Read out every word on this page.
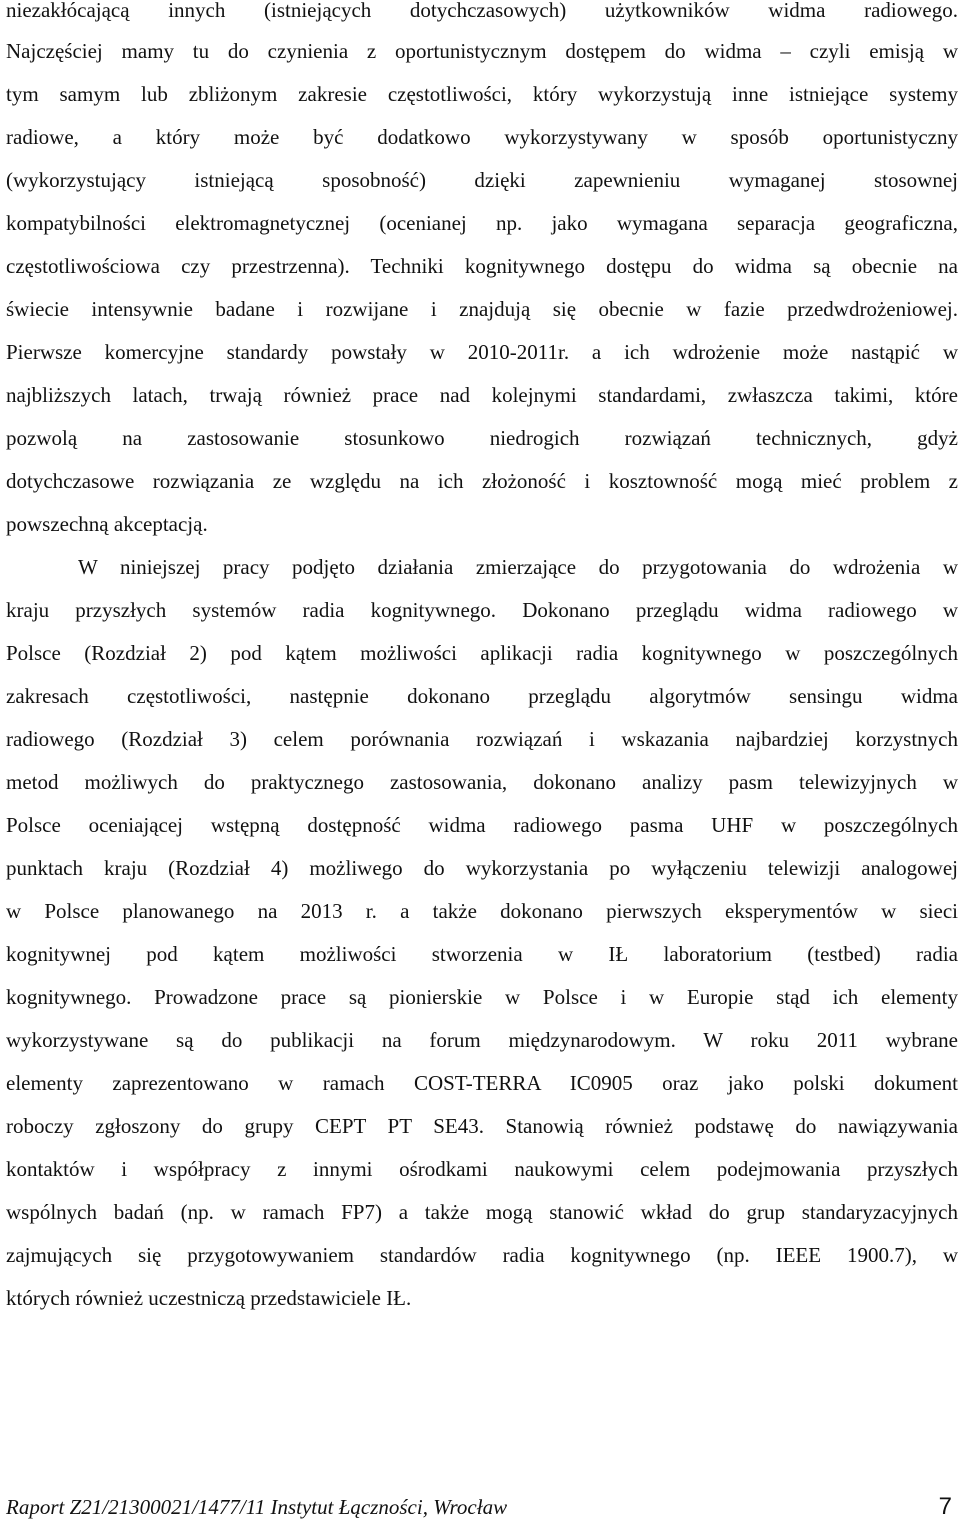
niezakłócającą innych (istniejących dotychczasowych) użytkowników widma radiowego.
Najczęściej mamy tu do czynienia z oportunistycznym dostępem do widma – czyli emisją w
tym samym lub zbliżonym zakresie częstotliwości, który wykorzystują inne istniejące systemy
radiowe, a który może być dodatkowo wykorzystywany w sposób oportunistyczny
(wykorzystujący istniejącą sposobność) dzięki zapewnieniu wymaganej stosownej
kompatybilności elektromagnetycznej (ocenianej np. jako wymagana separacja geograficzna,
częstotliwościowa czy przestrzenna). Techniki kognitywnego dostępu do widma są obecnie na
świecie intensywnie badane i rozwijane i znajdują się obecnie w fazie przedwdrożeniowej.
Pierwsze komercyjne standardy powstały w 2010-2011r. a ich wdrożenie może nastąpić w
najbliższych latach, trwają również prace nad kolejnymi standardami, zwłaszcza takimi, które
pozwolą na zastosowanie stosunkowo niedrogich rozwiązań technicznych, gdyż
dotychczasowe rozwiązania ze względu na ich złożoność i kosztowność mogą mieć problem z
powszechną akceptacją.
W niniejszej pracy podjęto działania zmierzające do przygotowania do wdrożenia w
kraju przyszłych systemów radia kognitywnego. Dokonano przeglądu widma radiowego w
Polsce (Rozdział 2) pod kątem możliwości aplikacji radia kognitywnego w poszczególnych
zakresach częstotliwości, następnie dokonano przeglądu algorytmów sensingu widma
radiowego (Rozdział 3) celem porównania rozwiązań i wskazania najbardziej korzystnych
metod możliwych do praktycznego zastosowania, dokonano analizy pasm telewizyjnych w
Polsce oceniającej wstępną dostępność widma radiowego pasma UHF w poszczególnych
punktach kraju (Rozdział 4) możliwego do wykorzystania po wyłączeniu telewizji analogowej
w Polsce planowanego na 2013 r. a także dokonano pierwszych eksperymentów w sieci
kognitywnej pod kątem możliwości stworzenia w IŁ laboratorium (testbed) radia
kognitywnego. Prowadzone prace są pionierskie w Polsce i w Europie stąd ich elementy
wykorzystywane są do publikacji na forum międzynarodowym. W roku 2011 wybrane
elementy zaprezentowano w ramach COST-TERRA IC0905 oraz jako polski dokument
roboczy zgłoszony do grupy CEPT PT SE43. Stanowią również podstawę do nawiązywania
kontaktów i współpracy z innymi ośrodkami naukowymi celem podejmowania przyszłych
wspólnych badań (np. w ramach FP7) a także mogą stanowić wkład do grup standaryzacyjnych
zajmujących się przygotowywaniem standardów radia kognitywnego (np. IEEE 1900.7), w
których również uczestniczą przedstawiciele IŁ.
Raport Z21/21300021/1477/11 Instytut Łączności, Wrocław	7
